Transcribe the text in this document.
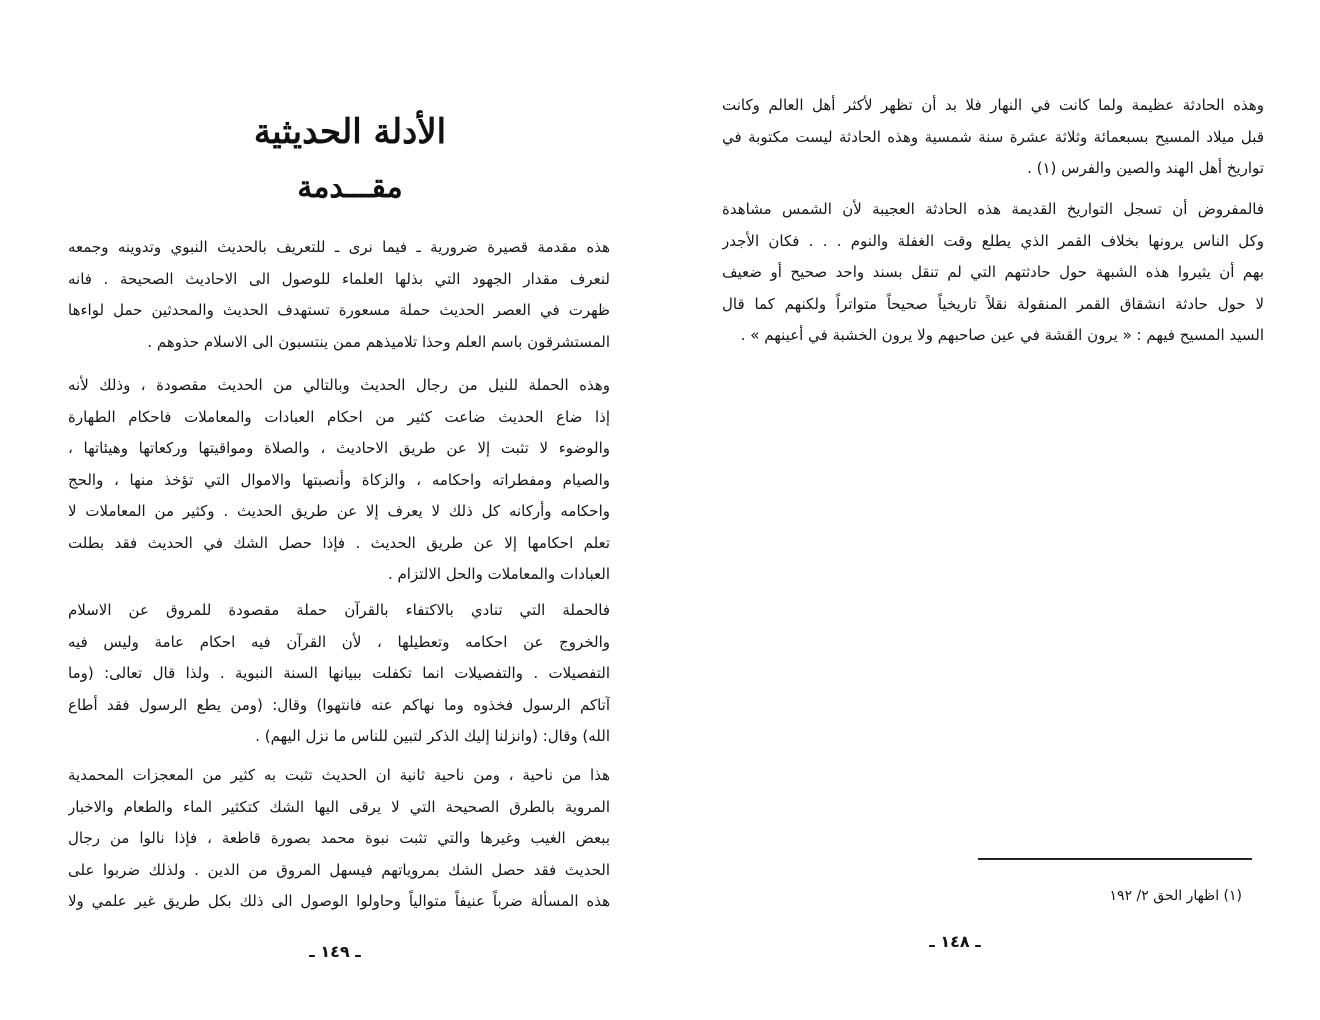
الأدلة الحديثية
مقـــدمة
هذه مقدمة قصيرة ضرورية ـ فيما نرى ـ للتعريف بالحديث النبوي وتدوينه وجمعه
لنعرف مقدار الجهود التي بذلها العلماء للوصول الى الاحاديث الصحيحة . فانه
ظهرت في العصر الحديث حملة مسعورة تستهدف الحديث والمحدثين حمل لواءها
المستشرقون باسم العلم وحذا تلاميذهم ممن ينتسبون الى الاسلام حذوهم .
وهذه الحملة للنيل من رجال الحديث وبالتالي من الحديث مقصودة ، وذلك لأنه
إذا ضاع الحديث ضاعت كثير من احكام العبادات والمعاملات فاحكام الطهارة
والوضوء لا تثبت إلا عن طريق الاحاديث ، والصلاة ومواقيتها وركعاتها وهيئاتها ،
والصيام ومفطراته واحكامه ، والزكاة وأنصبتها والاموال التي تؤخذ منها ، والحج
واحكامه وأركانه كل ذلك لا يعرف إلا عن طريق الحديث . وكثير من المعاملات لا
تعلم احكامها إلا عن طريق الحديث . فإذا حصل الشك في الحديث فقد بطلت
العبادات والمعاملات والحل الالتزام .
فالحملة التي تنادي بالاكتفاء بالقرآن حملة مقصودة للمروق عن الاسلام
والخروج عن احكامه وتعطيلها ، لأن القرآن فيه احكام عامة وليس فيه
التفصيلات . والتفصيلات انما تكفلت ببيانها السنة النبوية . ولذا قال تعالى: (وما
آتاكم الرسول فخذوه وما نهاكم عنه فانتهوا) وقال: (ومن يطع الرسول فقد أطاع
الله) وقال: (وانزلنا إليك الذكر لتبين للناس ما نزل اليهم) .
هذا من ناحية ، ومن ناحية ثانية ان الحديث تثبت به كثير من المعجزات المحمدية
المروية بالطرق الصحيحة التي لا يرقى اليها الشك كتكثير الماء والطعام والاخبار
ببعض الغيب وغيرها والتي تثبت نبوة محمد بصورة قاطعة ، فإذا نالوا من رجال
الحديث فقد حصل الشك بمروياتهم فيسهل المروق من الدين . ولذلك ضربوا على
هذه المسألة ضرباً عنيفاً متوالياً وحاولوا الوصول الى ذلك بكل طريق غير علمي ولا
ـ ١٤٩ ـ
وهذه الحادثة عظيمة ولما كانت في النهار فلا بد أن تظهر لأكثر أهل العالم وكانت
قبل ميلاد المسيح بسبعمائة وثلاثة عشرة سنة شمسية وهذه الحادثة ليست مكتوبة في
تواريخ أهل الهند والصين والفرس (١) .
فالمفروض أن تسجل التواريخ القديمة هذه الحادثة العجيبة لأن الشمس مشاهدة
وكل الناس يرونها بخلاف القمر الذي يطلع وقت الغفلة والنوم . . . فكان الأجدر
بهم أن يثيروا هذه الشبهة حول حادثتهم التي لم تنقل بسند واحد صحيح أو ضعيف
لا حول حادثة انشقاق القمر المنقولة نقلاً تاريخياً صحيحاً متواتراً ولكنهم كما قال
السيد المسيح فيهم : « يرون القشة في عين صاحبهم ولا يرون الخشبة في أعينهم » .
(١) اظهار الحق ٢/ ١٩٢
ـ ١٤٨ ـ
